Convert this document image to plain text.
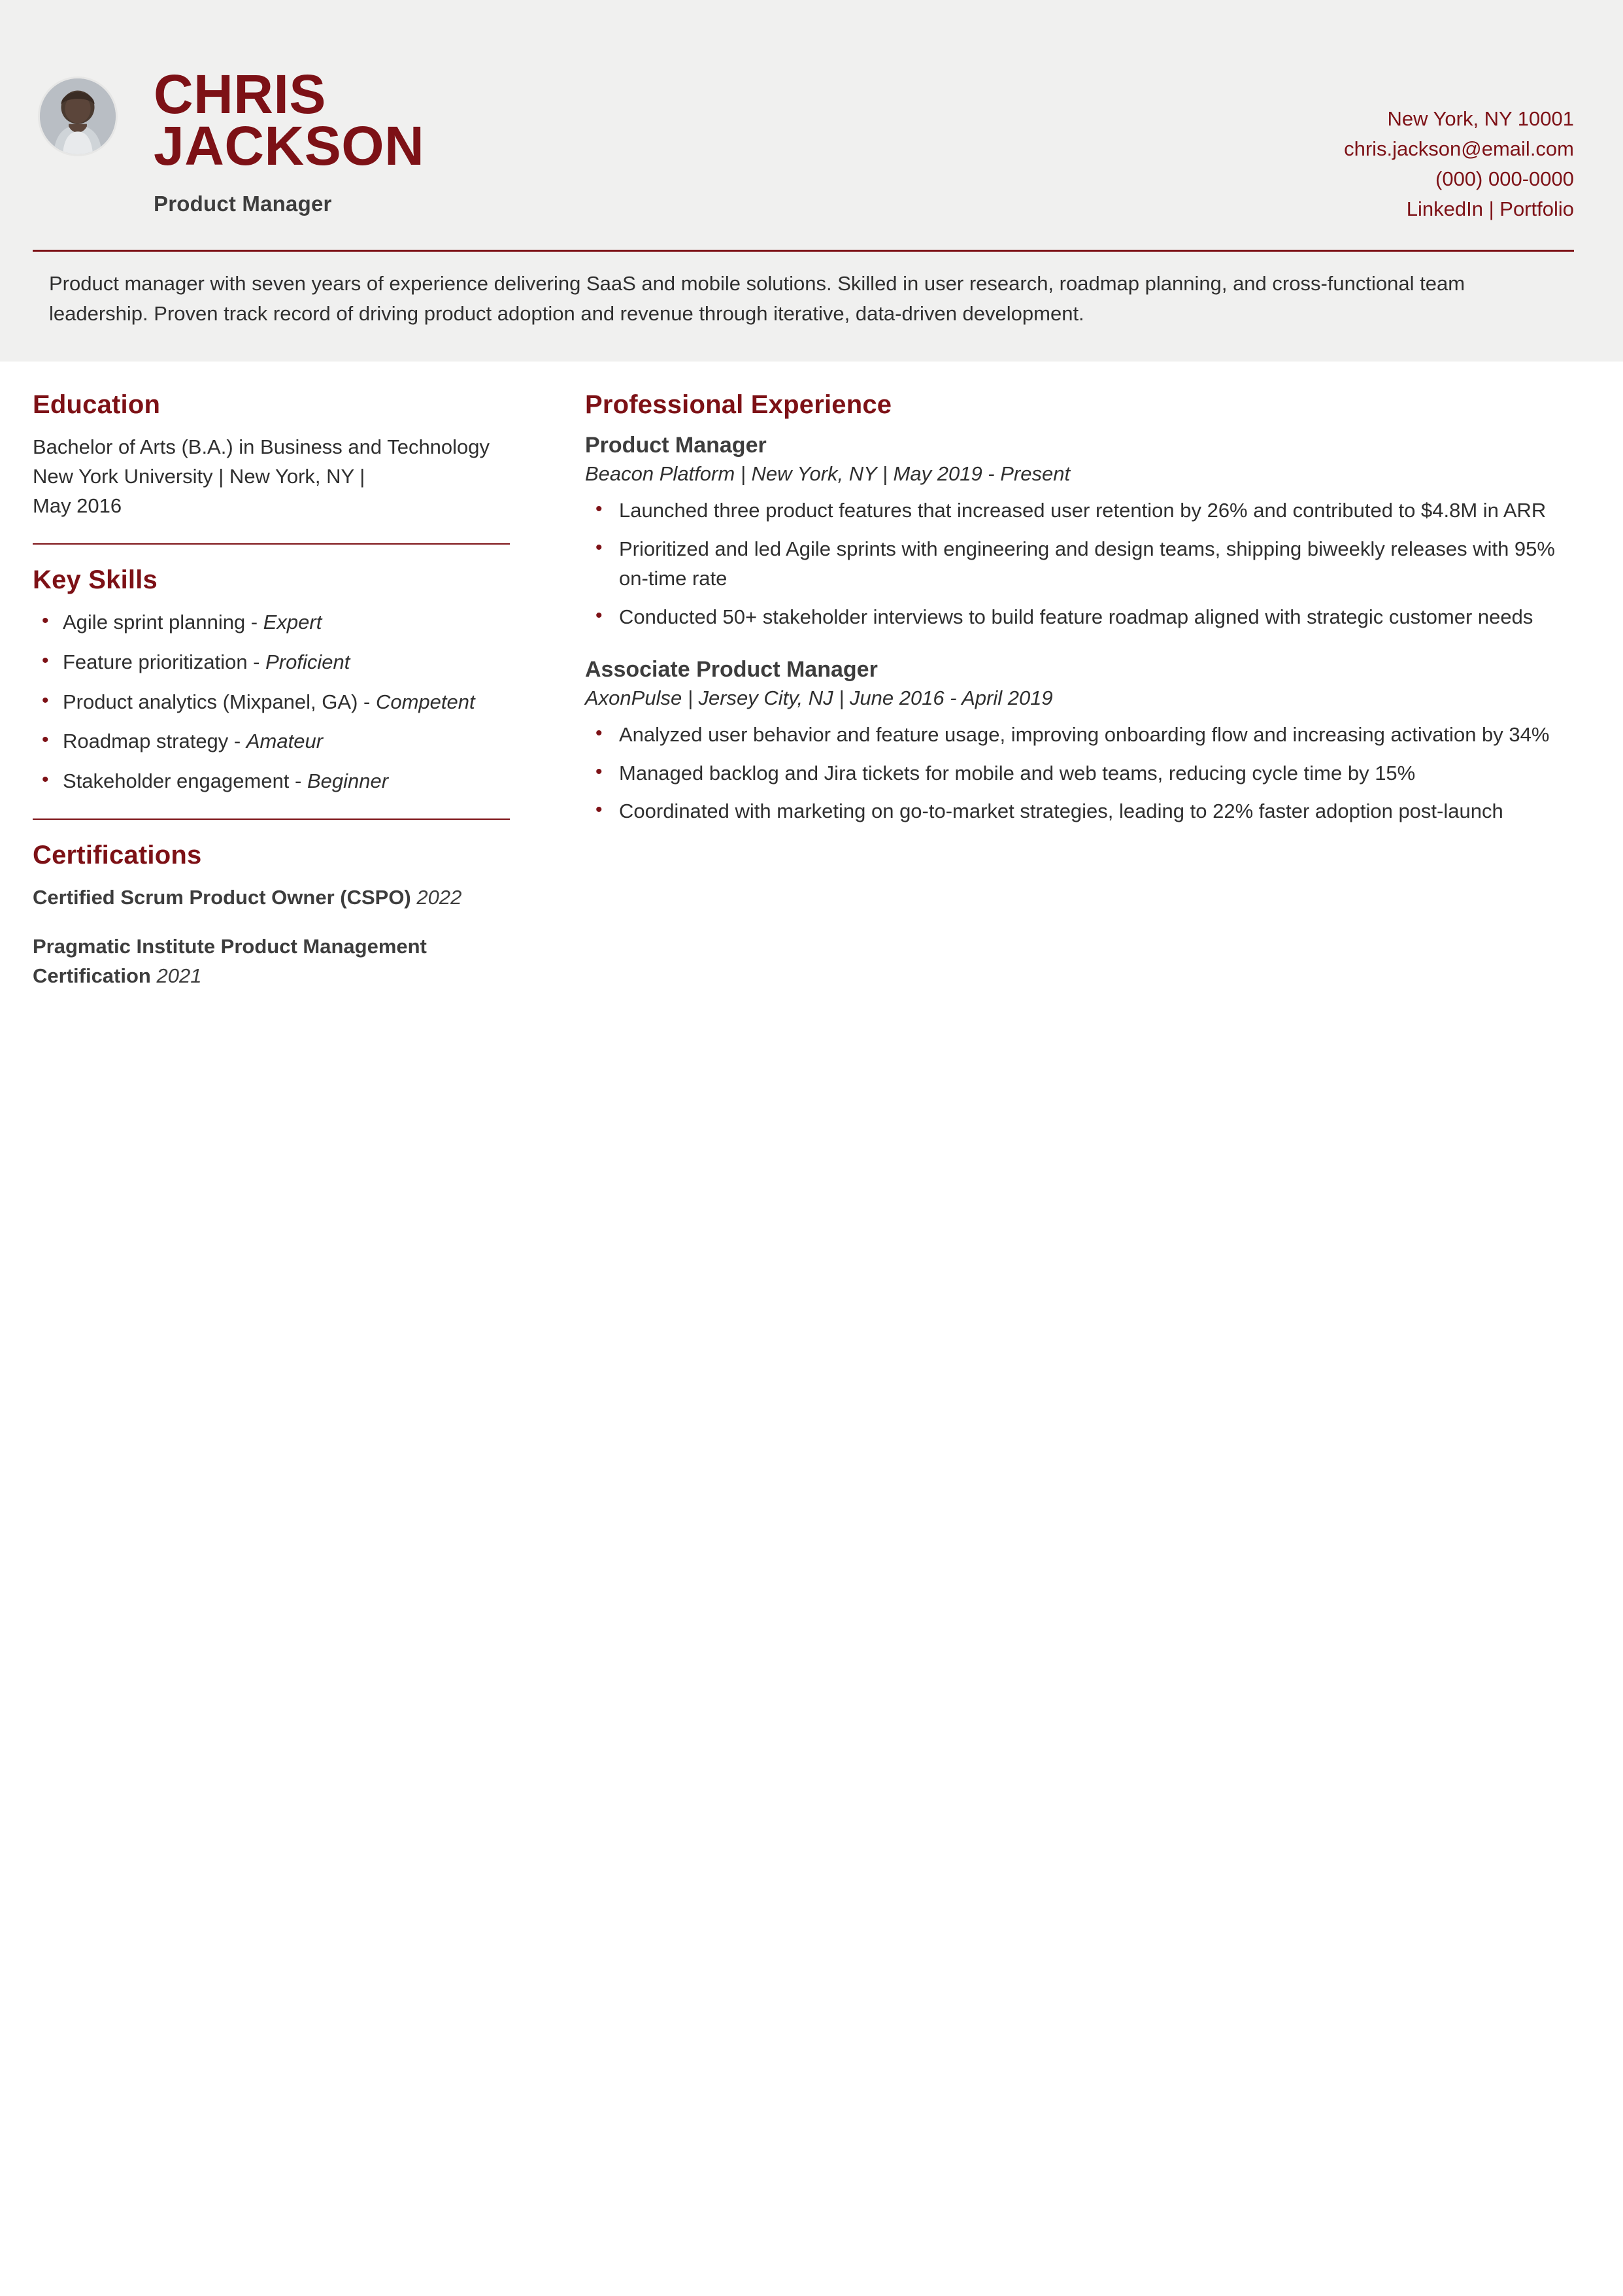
CHRIS
JACKSON
Product Manager
New York, NY 10001
chris.jackson@email.com
(000) 000-0000
LinkedIn | Portfolio
Product manager with seven years of experience delivering SaaS and mobile solutions. Skilled in user research, roadmap planning, and cross-functional team leadership. Proven track record of driving product adoption and revenue through iterative, data-driven development.
Education
Bachelor of Arts (B.A.) in Business and Technology
New York University | New York, NY |
May 2016
Key Skills
• Agile sprint planning - Expert
• Feature prioritization - Proficient
• Product analytics (Mixpanel, GA) - Competent
• Roadmap strategy - Amateur
• Stakeholder engagement - Beginner
Certifications
Certified Scrum Product Owner (CSPO) 2022
Pragmatic Institute Product Management Certification 2021
Professional Experience
Product Manager
Beacon Platform | New York, NY | May 2019 - Present
• Launched three product features that increased user retention by 26% and contributed to $4.8M in ARR
• Prioritized and led Agile sprints with engineering and design teams, shipping biweekly releases with 95% on-time rate
• Conducted 50+ stakeholder interviews to build feature roadmap aligned with strategic customer needs
Associate Product Manager
AxonPulse | Jersey City, NJ | June 2016 - April 2019
• Analyzed user behavior and feature usage, improving onboarding flow and increasing activation by 34%
• Managed backlog and Jira tickets for mobile and web teams, reducing cycle time by 15%
• Coordinated with marketing on go-to-market strategies, leading to 22% faster adoption post-launch
